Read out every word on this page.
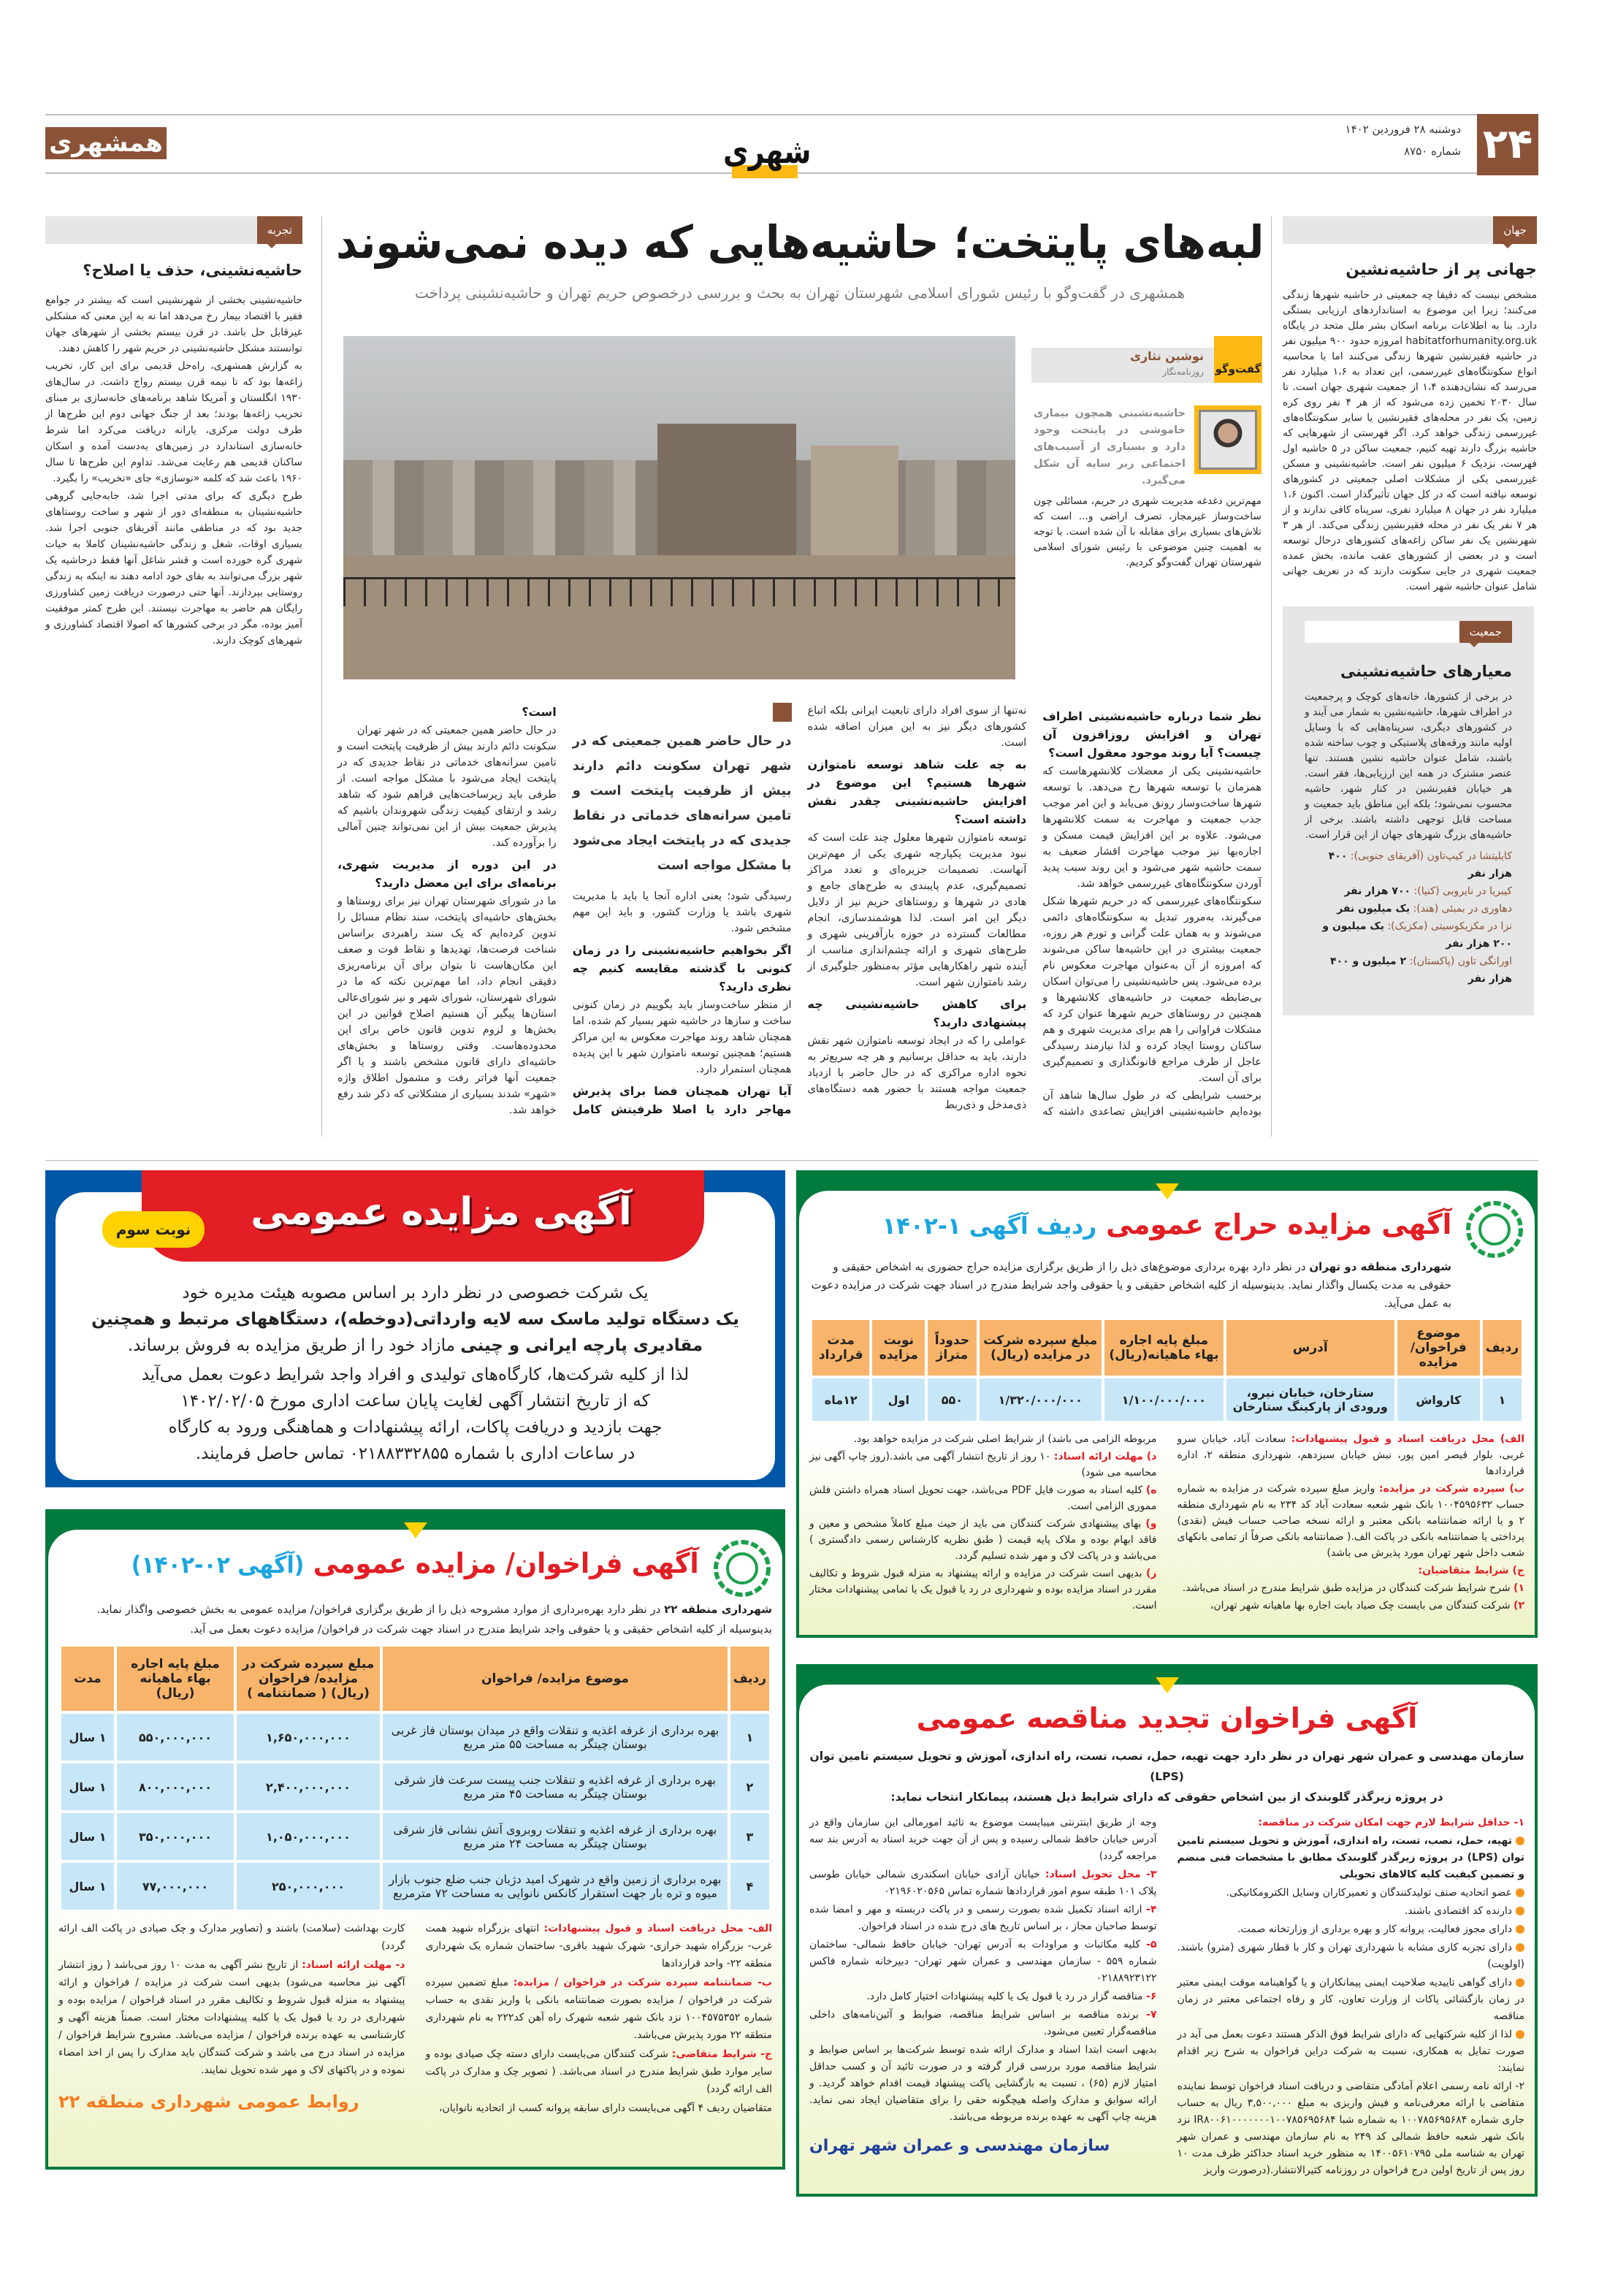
۲۴
دوشنبه ۲۸ فروردین ۱۴۰۲
شماره ۸۷۵۰
شهری
همشهری
جهان
جهانی پر از حاشیه‌نشین
مشخص نیست که دقیقا چه جمعیتی در حاشیه شهرها زندگی می‌کنند؛ زیرا این موضوع به استانداردهای ارزیابی بستگی دارد. بنا به اطلاعات برنامه اسکان بشر ملل متحد در پایگاه habitatforhumanity.org.uk امروزه حدود ۹۰۰ میلیون نفر در حاشیه فقیرنشین شهرها زندگی می‌کنند اما با محاسبه انواع سکونتگاه‌های غیررسمی، این تعداد به ۱،۶ میلیارد نفر می‌رسد که نشان‌دهنده ۱،۴ از جمعیت شهری جهان است. تا سال ۲۰۳۰ تخمین زده می‌شود که از هر ۴ نفر روی کره زمین، یک نفر در محله‌های فقیرنشین یا سایر سکونتگاه‌های غیررسمی زندگی خواهد کرد. اگر فهرستی از شهرهایی که حاشیه بزرگ دارند تهیه کنیم، جمعیت ساکن در ۵ حاشیه اول فهرست، نزدیک ۶ میلیون نفر است. حاشیه‌نشینی و مسکن غیررسمی یکی از مشکلات اصلی جمعیتی در کشورهای توسعه نیافته است که در کل جهان تأثیرگذار است. اکنون ۱،۶ میلیارد نفر در جهان ۸ میلیارد نفری، سرپناه کافی ندارند و از هر ۷ نفر یک نفر در محله فقیرنشین زندگی می‌کند. از هر ۳ شهرنشین یک نفر ساکن زاغه‌های کشورهای درحال توسعه است و در بعضی از کشورهای عقب مانده، بخش عمده جمعیت شهری در جایی سکونت دارند که در تعریف جهانی شامل عنوان حاشیه شهر است.
جمعیت
معیارهای حاشیه‌نشینی
در برخی از کشورها، خانه‌های کوچک و پرجمعیت در اطراف شهرها، حاشیه‌نشین به شمار می آیند و در کشورهای دیگری، سرپناه‌هایی که با وسایل اولیه مانند ورقه‌های پلاستیکی و چوب ساخته شده باشند، شامل عنوان حاشیه نشین هستند. تنها عنصر مشترک در همه این ارزیابی‌ها، فقر است. هر خیابان فقیرنشین در کنار شهر، حاشیه محسوب نمی‌شود؛ بلکه این مناطق باید جمعیت و مساحت قابل توجهی داشته باشند. برخی از حاشیه‌های بزرگ شهرهای جهان از این قرار است.
کایلیتشا در کیپ‌تاون (آفریقای جنوبی): ۴۰۰ هزار نفر
کیبریا در نایروبی (کنیا): ۷۰۰ هزار نفر
دهاوری در بمبئی (هند): یک میلیون نفر
نزا در مکزیکوسیتی (مکزیک): یک میلیون و ۲۰۰ هزار نفر
اورانگی تاون (پاکستان): ۲ میلیون و ۴۰۰ هزار نفر
تجربه
حاشیه‌نشینی، حذف یا اصلاح؟

حاشیه‌نشینی بخشی از شهرنشینی است که بیشتر در جوامع فقیر با اقتصاد بیمار رخ می‌دهد اما نه به این معنی که مشکلی غیرقابل حل باشد. در قرن بیستم بخشی از شهرهای جهان توانستند مشکل حاشیه‌نشینی در حریم شهر را کاهش دهند.

به گزارش همشهری، راه‌حل قدیمی برای این کار، تخریب زاغه‌ها بود که تا نیمه قرن بیستم رواج داشت. در سال‌های ۱۹۳۰ انگلستان و آمریکا شاهد برنامه‌های خانه‌سازی بر مبنای تخریب زاغه‌ها بودند؛ بعد از جنگ جهانی دوم این طرح‌ها از طرف دولت مرکزی، یارانه دریافت می‌کرد اما شرط خانه‌سازی استاندارد در زمین‌های به‌دست آمده و اسکان ساکنان قدیمی هم رعایت می‌شد. تداوم این طرح‌ها تا سال ۱۹۶۰ باعث شد که کلمه «نوسازی» جای «تخریب» را بگیرد.

طرح دیگری که برای مدتی اجرا شد، جابه‌جایی گروهی حاشیه‌نشینان به منطقه‌ای دور از شهر و ساخت روستاهای جدید بود که در مناطقی مانند آفریقای جنوبی اجرا شد. بسیاری اوقات، شغل و زندگی حاشیه‌نشینان کاملا به حیات شهری گره خورده است و قشر شاغل آنها فقط درحاشیه یک شهر بزرگ می‌توانند به بقای خود ادامه دهند نه اینکه به زندگی روستایی بپردازند. آنها حتی درصورت دریافت زمین کشاورزی رایگان هم حاضر به مهاجرت نیستند. این طرح کمتر موفقیت آمیز بوده، مگر در برخی کشورها که اصولا اقتصاد کشاورزی و شهرهای کوچک دارند.

لبه‌های پایتخت؛ حاشیه‌هایی که دیده نمی‌شوند
همشهری در گفت‌وگو با رئیس شورای اسلامی شهرستان تهران به بحث و بررسی درخصوص حریم تهران و حاشیه‌نشینی پرداخت
گفت‌وگو
نوشین نثاری
روزنامه‌نگار
حاشیه‌نشینی همچون بیماری خاموشی در پایتخت وجود دارد و بسیاری از آسیب‌های اجتماعی زیر سایه آن شکل می‌گیرد.
مهم‌ترین دغدغه مدیریت شهری در حریم، مسائلی چون ساخت‌وساز غیرمجاز، تصرف اراضی و... است که تلاش‌های بسیاری برای مقابله با آن شده است. با توجه به اهمیت چنین موضوعی با رئیس شورای اسلامی شهرستان تهران گفت‌وگو کردیم.

نظر شما درباره حاشیه‌نشینی اطراف تهران و افزایش روزافزون آن چیست؟ آیا روند موجود معقول است؟

حاشیه‌نشینی یکی از معضلات کلانشهرهاست که همزمان با توسعه شهرها رخ می‌دهد. با توسعه شهرها ساخت‌وساز رونق می‌یابد و این امر موجب جذب جمعیت و مهاجرت به سمت کلانشهرها می‌شود. علاوه بر این افزایش قیمت مسکن و اجاره‌بها نیز موجب مهاجرت اقشار ضعیف به سمت حاشیه شهر می‌شود و این روند سبب پدید آوردن سکونتگاه‌های غیررسمی خواهد شد.

سکونتگاه‌های غیررسمی که در حریم شهرها شکل می‌گیرند، به‌مرور تبدیل به سکونتگاه‌های دائمی می‌شوند و به همان علت گرانی و تورم هر روزه، جمعیت بیشتری در این حاشیه‌ها ساکن می‌شوند که امروزه از آن به‌عنوان مهاجرت معکوس نام برده می‌شود. پس حاشیه‌نشینی را می‌توان اسکان بی‌ضابطه جمعیت در حاشیه‌های کلانشهرها و همچنین در روستاهای حریم شهرها عنوان کرد که مشکلات فراوانی را هم برای مدیریت شهری و هم ساکنان روستا ایجاد کرده و لذا نیازمند رسیدگی عاجل از طرف مراجع قانونگذاری و تصمیم‌گیری برای آن است.

برحسب شرایطی که در طول سال‌ها شاهد آن بوده‌ایم حاشیه‌نشینی افزایش تصاعدی داشته که نه‌تنها از سوی افراد دارای تابعیت ایرانی بلکه اتباع کشورهای دیگر نیز به این میزان اضافه شده است.

به چه علت شاهد توسعه نامتوازن شهرها هستیم؟ این موضوع در افزایش حاشیه‌نشینی چقدر نقش داشته است؟

توسعه نامتوازن شهرها معلول چند علت است که نبود مدیریت یکپارچه شهری یکی از مهم‌ترین آنهاست. تصمیمات جزیره‌ای و تعدد مراکز تصمیم‌گیری، عدم پایبندی به طرح‌های جامع و هادی در شهرها و روستاهای حریم نیز از دلایل دیگر این امر است. لذا هوشمندسازی، انجام مطالعات گسترده در حوزه بازآفرینی شهری و طرح‌های شهری و ارائه چشم‌اندازی مناسب از آینده شهر راهکارهایی مؤثر به‌منظور جلوگیری از رشد نامتوازن شهر است.

برای کاهش حاشیه‌نشینی چه پیشنهادی دارید؟

عواملی را که در ایجاد توسعه نامتوازن شهر نقش دارند، باید به حداقل برسانیم و هر چه سریع‌تر به نحوه اداره مراکزی که در حال حاضر با ازدیاد جمعیت مواجه هستند با حضور همه دستگاه‌های ذی‌مدخل و ذی‌ربط

در حال حاضر همین جمعیتی که در شهر تهران سکونت دائم دارند بیش از ظرفیت پایتخت است و تامین سرانه‌های خدماتی در نقاط جدیدی که در پایتخت ایجاد می‌شود با مشکل مواجه است

رسیدگی شود؛ یعنی اداره آنجا یا باید با مدیریت شهری باشد یا وزارت کشور، و باید این مهم مشخص شود.

اگر بخواهیم حاشیه‌نشینی را در زمان کنونی با گذشته مقایسه کنیم چه نظری دارید؟

از منظر ساخت‌وساز باید بگوییم در زمان کنونی ساخت و سازها در حاشیه شهر بسیار کم شده، اما همچنان شاهد روند مهاجرت معکوس به این مراکز هستیم؛ همچنین توسعه نامتوازن شهر با این پدیده همچنان استمرار دارد.

آیا تهران همچنان فضا برای پذیرش مهاجر دارد یا اصلا ظرفیتش کامل است؟

در حال حاضر همین جمعیتی که در شهر تهران

سکونت دائم دارند بیش از ظرفیت پایتخت است و تامین سرانه‌های خدماتی در نقاط جدیدی که در پایتخت ایجاد می‌شود با مشکل مواجه است. از طرفی باید زیرساخت‌هایی فراهم شود که شاهد رشد و ارتقای کیفیت زندگی شهروندان باشیم که پذیرش جمعیت بیش از این نمی‌تواند چنین آمالی را برآورده کند.

در این دوره از مدیریت شهری، برنامه‌ای برای این معضل دارید؟

ما در شورای شهرستان تهران نیز برای روستاها و بخش‌های حاشیه‌ای پایتخت، سند نظام مسائل را تدوین کرده‌ایم که یک سند راهبردی براساس شناخت فرصت‌ها، تهدیدها و نقاط قوت و ضعف این مکان‌هاست تا بتوان برای آن برنامه‌ریزی دقیقی انجام داد، اما مهم‌ترین نکته که ما در شورای شهرستان، شورای شهر و نیز شورای‌عالی استان‌ها پیگیر آن هستیم اصلاح قوانین در این بخش‌ها و لزوم تدوین قانون خاص برای این محدوده‌هاست. وقتی روستاها و بخش‌های حاشیه‌ای دارای قانون مشخص باشند و یا اگر جمعیت آنها فراتر رفت و مشمول اطلاق واژه «شهر» شدند بسیاری از مشکلاتی که ذکر شد رفع خواهد شد.

یک شرکت خصوصی در نظر دارد بر اساس مصوبه هیئت مدیره خود
یک دستگاه تولید ماسک سه لایه وارداتی(دوخطه)، دستگاههای مرتبط و همچنین
مقادیری پارچه ایرانی و چینی مازاد خود را از طریق مزایده به فروش برساند.
لذا از کلیه شرکت‌ها، کارگاه‌های تولیدی و افراد واجد شرایط دعوت بعمل می‌آید
که از تاریخ انتشار آگهی لغایت پایان ساعت اداری مورخ ۱۴۰۲/۰۲/۰۵
جهت بازدید و دریافت پاکات، ارائه پیشنهادات و هماهنگی ورود به کارگاه
در ساعات اداری با شماره ۰۲۱۸۸۳۳۲۸۵۵ تماس حاصل فرمایند.
آگهی مزایده عمومی
نوبت سوم
آگهی فراخوان/ مزایده عمومی (آگهی ۰۲-۱۴۰۲)
شهرداری منطقه ۲۲ در نظر دارد بهره‌برداری از موارد مشروحه ذیل را از طریق برگزاری فراخوان/ مزایده عمومی به بخش خصوصی واگذار نماید. بدینوسیله از کلیه اشخاص حقیقی و یا حقوقی واجد شرایط مندرج در اسناد جهت شرکت در فراخوان/ مزایده دعوت بعمل می آید.
ردیف	موضوع مزایده/ فراخوان	مبلغ سپرده شرکت در مزایده/ فراخوان (ریال) ( ضمانتنامه )	مبلغ پایه اجاره بهاء ماهیانه (ریال)	مدت
۱	بهره برداری از غرفه اغذیه و تنقلات واقع در میدان بوستان فاز غربی بوستان چیتگر به مساحت ۵۵ متر مربع	۱,۶۵۰,۰۰۰,۰۰۰	۵۵۰,۰۰۰,۰۰۰	۱ سال
۲	بهره برداری از غرفه اغذیه و تنقلات جنب پیست سرعت فاز شرقی بوستان چیتگر به مساحت ۴۵ متر مربع	۲,۴۰۰,۰۰۰,۰۰۰	۸۰۰,۰۰۰,۰۰۰	۱ سال
۳	بهره برداری از غرفه اغذیه و تنقلات روبروی آتش نشانی فاز شرقی بوستان چیتگر به مساحت ۲۴ متر مربع	۱,۰۵۰,۰۰۰,۰۰۰	۳۵۰,۰۰۰,۰۰۰	۱ سال
۴	بهره برداری از زمین واقع در شهرک امید دژبان جنب ضلع جنوب بازار میوه و تره بار جهت استقرار کانکس نانوایی به مساحت ۷۲ مترمربع	۲۵۰,۰۰۰,۰۰۰	۷۷,۰۰۰,۰۰۰	۱ سال

الف- محل دریافت اسناد و قبول پیشنهادات: انتهای بزرگراه شهید همت غرب- بزرگراه شهید خرازی- شهرک شهید باقری- ساختمان شماره یک شهرداری منطقه ۲۲- واحد قراردادها

ب- ضمانتنامه سپرده شرکت در فراخوان / مزایده: مبلغ تضمین سپرده شرکت در فراخوان / مزایده بصورت ضمانتنامه بانکی یا واریز نقدی به حساب شماره ۱۰۰۴۵۷۵۳۵۲ نزد بانک شهر شعبه شهرک راه آهن کد۲۲۲ به نام شهرداری منطقه ۲۲ مورد پذیرش می‌باشد.

ج- شرایط متقاضی: شرکت کنندگان می‌بایست دارای دسته چک صیادی بوده و سایر موارد طبق شرایط مندرج در اسناد می‌باشد. ( تصویر چک و مدارک در پاکت الف ارائه گردد)

متقاضیان ردیف ۴ آگهی می‌بایست دارای سابقه پروانه کسب از اتحادیه نانوایان،

کارت بهداشت (سلامت) باشند و (تصاویر مدارک و چک صیادی در پاکت الف ارائه گردد)

د- مهلت ارائه اسناد: از تاریخ نشر آگهی به مدت ۱۰ روز می‌باشد ( روز انتشار آگهی نیز محاسبه می‌شود) بدیهی است شرکت در مزایده / فراخوان و ارائه پیشنهاد به منزله قبول شروط و تکالیف مقرر در اسناد فراخوان / مزایده بوده و شهرداری در رد یا قبول یک یا کلیه پیشنهادات مختار است. ضمناً هزینه آگهی و کارشناسی به عهده برنده فراخوان / مزایده می‌باشد. مشروح شرایط فراخوان / مزایده در اسناد درج می باشد و شرکت کنندگان باید مدارک را پس از اخذ امضاء نموده و در پاکتهای لاک و مهر شده تحویل نمایند.

روابط عمومی شهرداری منطقه ۲۲
آگهی مزایده حراج عمومی ردیف آگهی ۱-۱۴۰۲
شهرداری منطقه دو تهران در نظر دارد بهره برداری موضوع‌های ذیل را از طریق برگزاری مزایده حراج حضوری به اشخاص حقیقی و حقوقی به مدت یکسال واگذار نماید. بدینوسیله از کلیه اشخاص حقیقی و یا حقوقی واجد شرایط مندرج در اسناد جهت شرکت در مزایده دعوت به عمل می‌آید.
ردیف	موضوع فراخوان/ مزایده	آدرس	مبلغ پایه اجاره بهاء ماهیانه(ریال)	مبلغ سپرده شرکت در مزایده (ریال)	حدوداً متراژ	نوبت مزایده	مدت قرارداد
۱	کارواش	ستارخان، خیابان نیرو، ورودی از پارکینگ ستارخان	۱/۱۰۰/۰۰۰/۰۰۰	۱/۳۲۰/۰۰۰/۰۰۰	۵۵۰	اول	۱۲ماه

الف) محل دریافت اسناد و قبول پیشنهادات: سعادت آباد، خیابان سرو غربی، بلوار قیصر امین پور، نبش خیابان سیزدهم، شهرداری منطقه ۲، اداره قراردادها

ب) سپرده شرکت در مزایده: واریز مبلغ سپرده شرکت در مزایده به شماره حساب ۱۰۰۴۵۹۵۶۳۲ بانک شهر شعبه سعادت آباد کد ۲۳۴ به نام شهرداری منطقه ۲ و یا ارائه ضمانتنامه بانکی معتبر و ارائه نسخه صاحب حساب فیش (نقدی) پرداختی یا ضمانتنامه بانکی در پاکت الف.( ضمانتنامه بانکی صرفاً از تمامی بانکهای شعب داخل شهر تهران مورد پذیرش می باشد)

ج) شرایط متقاضیان:

۱) شرح شرایط شرکت کنندگان در مزایده طبق شرایط مندرج در اسناد می‌باشد.

۲) شرکت کنندگان می بایست چک صیاد بابت اجاره بها ماهیانه شهر تهران،

مربوطه الزامی می باشد) از شرایط اصلی شرکت در مزایده خواهد بود.

د) مهلت ارائه اسناد: ۱۰ روز از تاریخ انتشار آگهی می باشد.(روز چاپ آگهی نیز محاسبه می شود)

ه) کلیه اسناد به صورت فایل PDF می‌باشد، جهت تحویل اسناد همراه داشتن فلش مموری الزامی است.

و) بهای پیشنهادی شرکت کنندگان می باید از حیث مبلغ کاملاً مشخص و معین و فاقد ابهام بوده و ملاک پایه قیمت ( طبق نظریه کارشناس رسمی دادگستری ) می‌باشد و در پاکت لاک و مهر شده تسلیم گردد.

ز) بدیهی است شرکت در مزایده و ارائه پیشنهاد به منزله قبول شروط و تکالیف مقرر در اسناد مزایده بوده و شهرداری در رد یا قبول یک یا تمامی پیشنهادات مختار است.

آگهی فراخوان تجدید مناقصه عمومی
سازمان مهندسی و عمران شهر تهران در نظر دارد جهت تهیه، حمل، نصب، تست، راه اندازی، آموزش و تحویل سیستم تامین توان (LPS)
در پروژه زیرگذر گلوبندک از بین اشخاص حقوقی که دارای شرایط ذیل هستند، پیمانکار انتخاب نماید:

۱- حداقل شرایط لازم جهت امکان شرکت در مناقصه:

تهیه، حمل، نصب، تست، راه اندازی، آموزش و تحویل سیستم تامین توان (LPS) در پروژه زیرگذر گلوبندک مطابق با مشخصات فنی منضم و تضمین کیفیت کلیه کالاهای تحویلی

عضو اتحادیه صنف تولیدکنندگان و تعمیرکاران وسایل الکترومکانیکی.

دارنده کد اقتصادی باشند.

دارای مجوز فعالیت، پروانه کار و بهره برداری از وزارتخانه صمت.

دارای تجربه کاری مشابه با شهرداری تهران و کار با قطار شهری (مترو) باشند. (اولویت)

دارای گواهی تاییدیه صلاحیت ایمنی پیمانکاران و یا گواهینامه موقت ایمنی معتبر در زمان بازگشائی پاکات از وزارت تعاون، کار و رفاه اجتماعی معتبر در زمان مناقصه

لذا از کلیه شرکتهایی که دارای شرایط فوق الذکر هستند دعوت بعمل می آید در صورت تمایل به همکاری، نسبت به شرکت دراین فراخوان به شرح زیر اقدام نمایند:

۲- ارائه نامه رسمی اعلام آمادگی متقاضی و دریافت اسناد فراخوان توسط نماینده متقاضی با ارائه معرفی‌نامه و فیش واریزی به مبلغ ۳,۵۰۰,۰۰۰ ریال به حساب جاری شماره ۱۰۰۷۸۵۶۹۵۶۸۴ به شماره شبا IR۸۰۰۶۱۰۰۰۰۰۰۰۱۰۰۷۸۵۶۹۵۶۸۴ نزد بانک شهر شعبه حافظ شمالی کد ۲۴۹ به نام سازمان مهندسی و عمران شهر تهران به شناسه ملی ۱۴۰۰۵۶۱۰۷۹۵ به منظور خرید اسناد حداکثر ظرف مدت ۱۰ روز پس از تاریخ اولین درج فراخوان در روزنامه کثیرالانتشار.(درصورت واریز

وجه از طریق اینترنتی میبایست موضوع به تائید امورمالی این سازمان واقع در آدرس خیابان حافظ شمالی رسیده و پس از آن جهت خرید اسناد به آدرس بند سه مراجعه گردد)

۳- محل تحویل اسناد: خیابان آزادی خیابان اسکندری شمالی خیابان طوسی پلاک ۱۰۱ طبقه سوم امور قراردادها شماره تماس ۰۲۱۹۶۰۲۰۵۶۵

۴- ارائه اسناد تکمیل شده بصورت رسمی و در پاکت دربسته و مهر و امضا شده توسط صاحبان مجاز ، بر اساس تاریخ های درج شده در اسناد فراخوان.

۵- کلیه مکاتبات و مراودات به آدرس تهران- خیابان حافظ شمالی- ساختمان شماره ۵۵۹ - سازمان مهندسی و عمران شهر تهران- دبیرخانه شماره فاکس ۰۲۱۸۸۹۲۳۱۲۲

۶- مناقصه گزار در رد یا قبول یک یا کلیه پیشنهادات اختیار کامل دارد.

۷- برنده مناقصه بر اساس شرایط مناقصه، ضوابط و آئین‌نامه‌های داخلی مناقصه‌گزار تعیین می‌شود.

بدیهی است ابتدا اسناد و مدارک ارائه شده توسط شرکت‌ها بر اساس ضوابط و شرایط مناقصه مورد بررسی قرار گرفته و در صورت تائید آن و کسب حداقل امتیاز لازم (۶۵) ، نسبت به بازگشایی پاکت پیشنهاد قیمت اقدام خواهد گردید. و ارائه سوابق و مدارک واصله هیچگونه حقی را برای متقاضیان ایجاد نمی نماید. هزینه چاپ آگهی به عهده برنده مربوطه می‌باشد.

سازمان مهندسی و عمران شهر تهران
